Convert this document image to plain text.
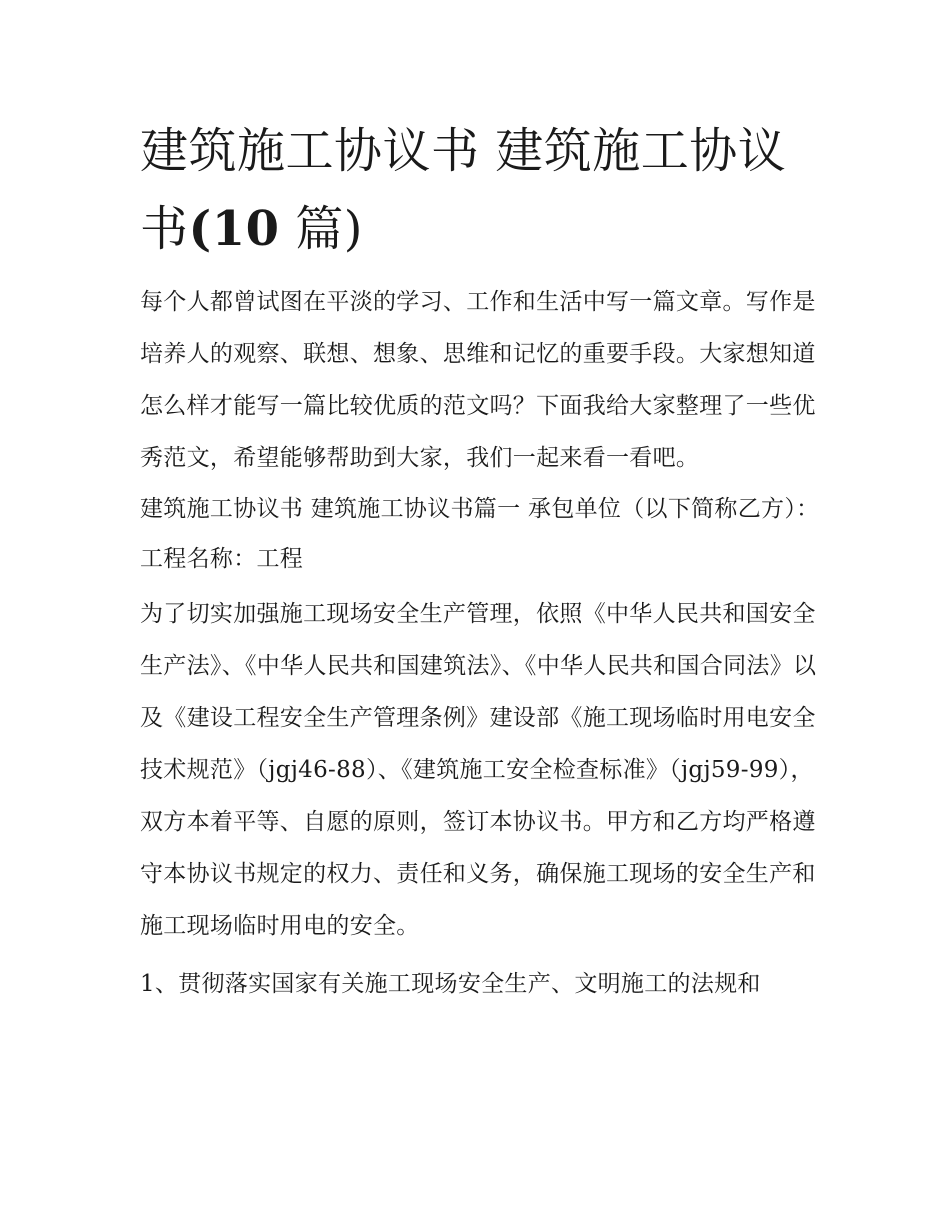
建筑施工协议书 建筑施工协议书(10 篇)

每个人都曾试图在平淡的学习、工作和生活中写一篇文章。写作是培养人的观察、联想、想象、思维和记忆的重要手段。大家想知道怎么样才能写一篇比较优质的范文吗？下面我给大家整理了一些优秀范文，希望能够帮助到大家，我们一起来看一看吧。

建筑施工协议书 建筑施工协议书篇一 承包单位（以下简称乙方）： 工程名称：工程

为了切实加强施工现场安全生产管理，依照《中华人民共和国安全生产法》、《中华人民共和国建筑法》、《中华人民共和国合同法》以及《建设工程安全生产管理条例》建设部《施工现场临时用电安全技术规范》（jgj46-88）、《建筑施工安全检查标准》（jgj59-99），双方本着平等、自愿的原则，签订本协议书。甲方和乙方均严格遵守本协议书规定的权力、责任和义务，确保施工现场的安全生产和施工现场临时用电的安全。

1、贯彻落实国家有关施工现场安全生产、文明施工的法规和
